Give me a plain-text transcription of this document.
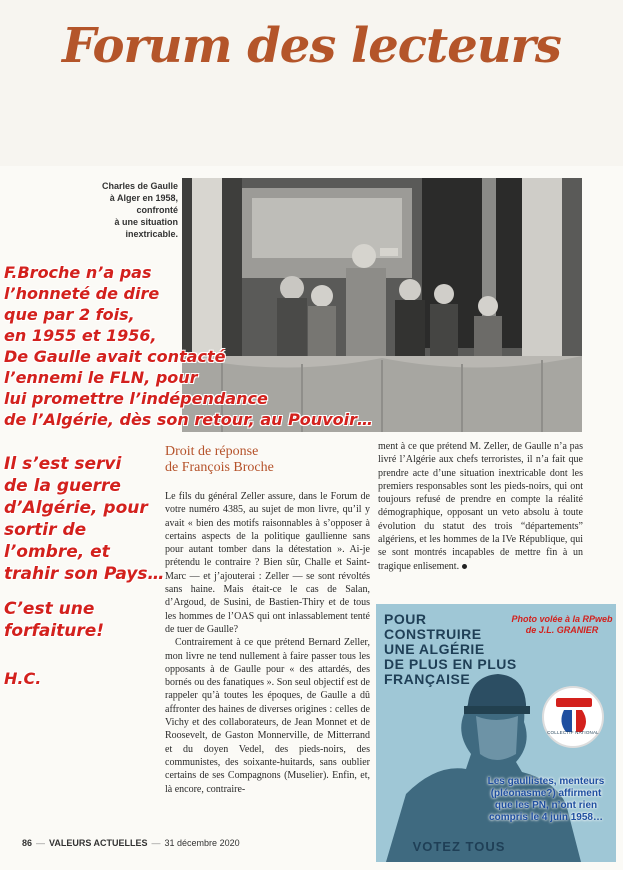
Forum des lecteurs
Charles de Gaulle
à Alger en 1958,
confronté
à une situation
inextricable.
F.Broche n’a pas
l’honneté de dire
que par 2 fois,
en 1955 et 1956,
De Gaulle avait contacté
l’ennemi le FLN, pour
lui promettre l’indépendance
de l’Algérie, dès son retour, au Pouvoir…
Droit de réponse
de François Broche

Le fils du général Zeller assure, dans le Forum de votre numéro 4385, au sujet de mon livre, qu’il y avait « bien des motifs raisonnables à s’opposer à certains aspects de la politique gaullienne sans pour autant tomber dans la détestation ». Ai-je prétendu le contraire ? Bien sûr, Challe et Saint-Marc — et j’ajouterai : Zeller — se sont révoltés sans haine. Mais était-ce le cas de Salan, d’Argoud, de Susini, de Bastien-Thiry et de tous les hommes de l’OAS qui ont inlassablement tenté de tuer de Gaulle?

Contrairement à ce que prétend Bernard Zeller, mon livre ne tend nullement à faire passer tous les opposants à de Gaulle pour « des attardés, des bornés ou des fanatiques ». Son seul objectif est de rappeler qu’à toutes les époques, de Gaulle a dû affronter des haines de diverses origines : celles de Vichy et des collaborateurs, de Jean Monnet et de Roosevelt, de Gaston Monnerville, de Mitterrand et du doyen Vedel, des pieds-noirs, des communistes, des soixante-huitards, sans oublier certains de ses Compagnons (Muselier). Enfin, et, là encore, contraire-

ment à ce que prétend M. Zeller, de Gaulle n’a pas livré l’Algérie aux chefs terroristes, il n’a fait que prendre acte d’une situation inextricable dont les premiers responsables sont les pieds-noirs, qui ont toujours refusé de prendre en compte la réalité démographique, opposant un veto absolu à toute évolution du statut des trois “départements” algériens, et les hommes de la IVe République, qui se sont montrés incapables de mettre fin à un tragique enlisement.

Il s’est servi
de la guerre
d’Algérie, pour
sortir de
l’ombre, et
trahir son Pays…
C’est une
forfaiture!
H.C.
POUR
CONSTRUIRE
UNE ALGÉRIE
DE PLUS EN PLUS
FRANÇAISE
Photo volée à la RPweb
de J.L. GRANIER
COLLECTIF NATIONAL
Les gaullistes, menteurs
(pléonasme?) affirment
que les PN, n’ont rien
compris le 4 juin 1958…
VOTEZ TOUS
86 — VALEURS ACTUELLES — 31 décembre 2020
